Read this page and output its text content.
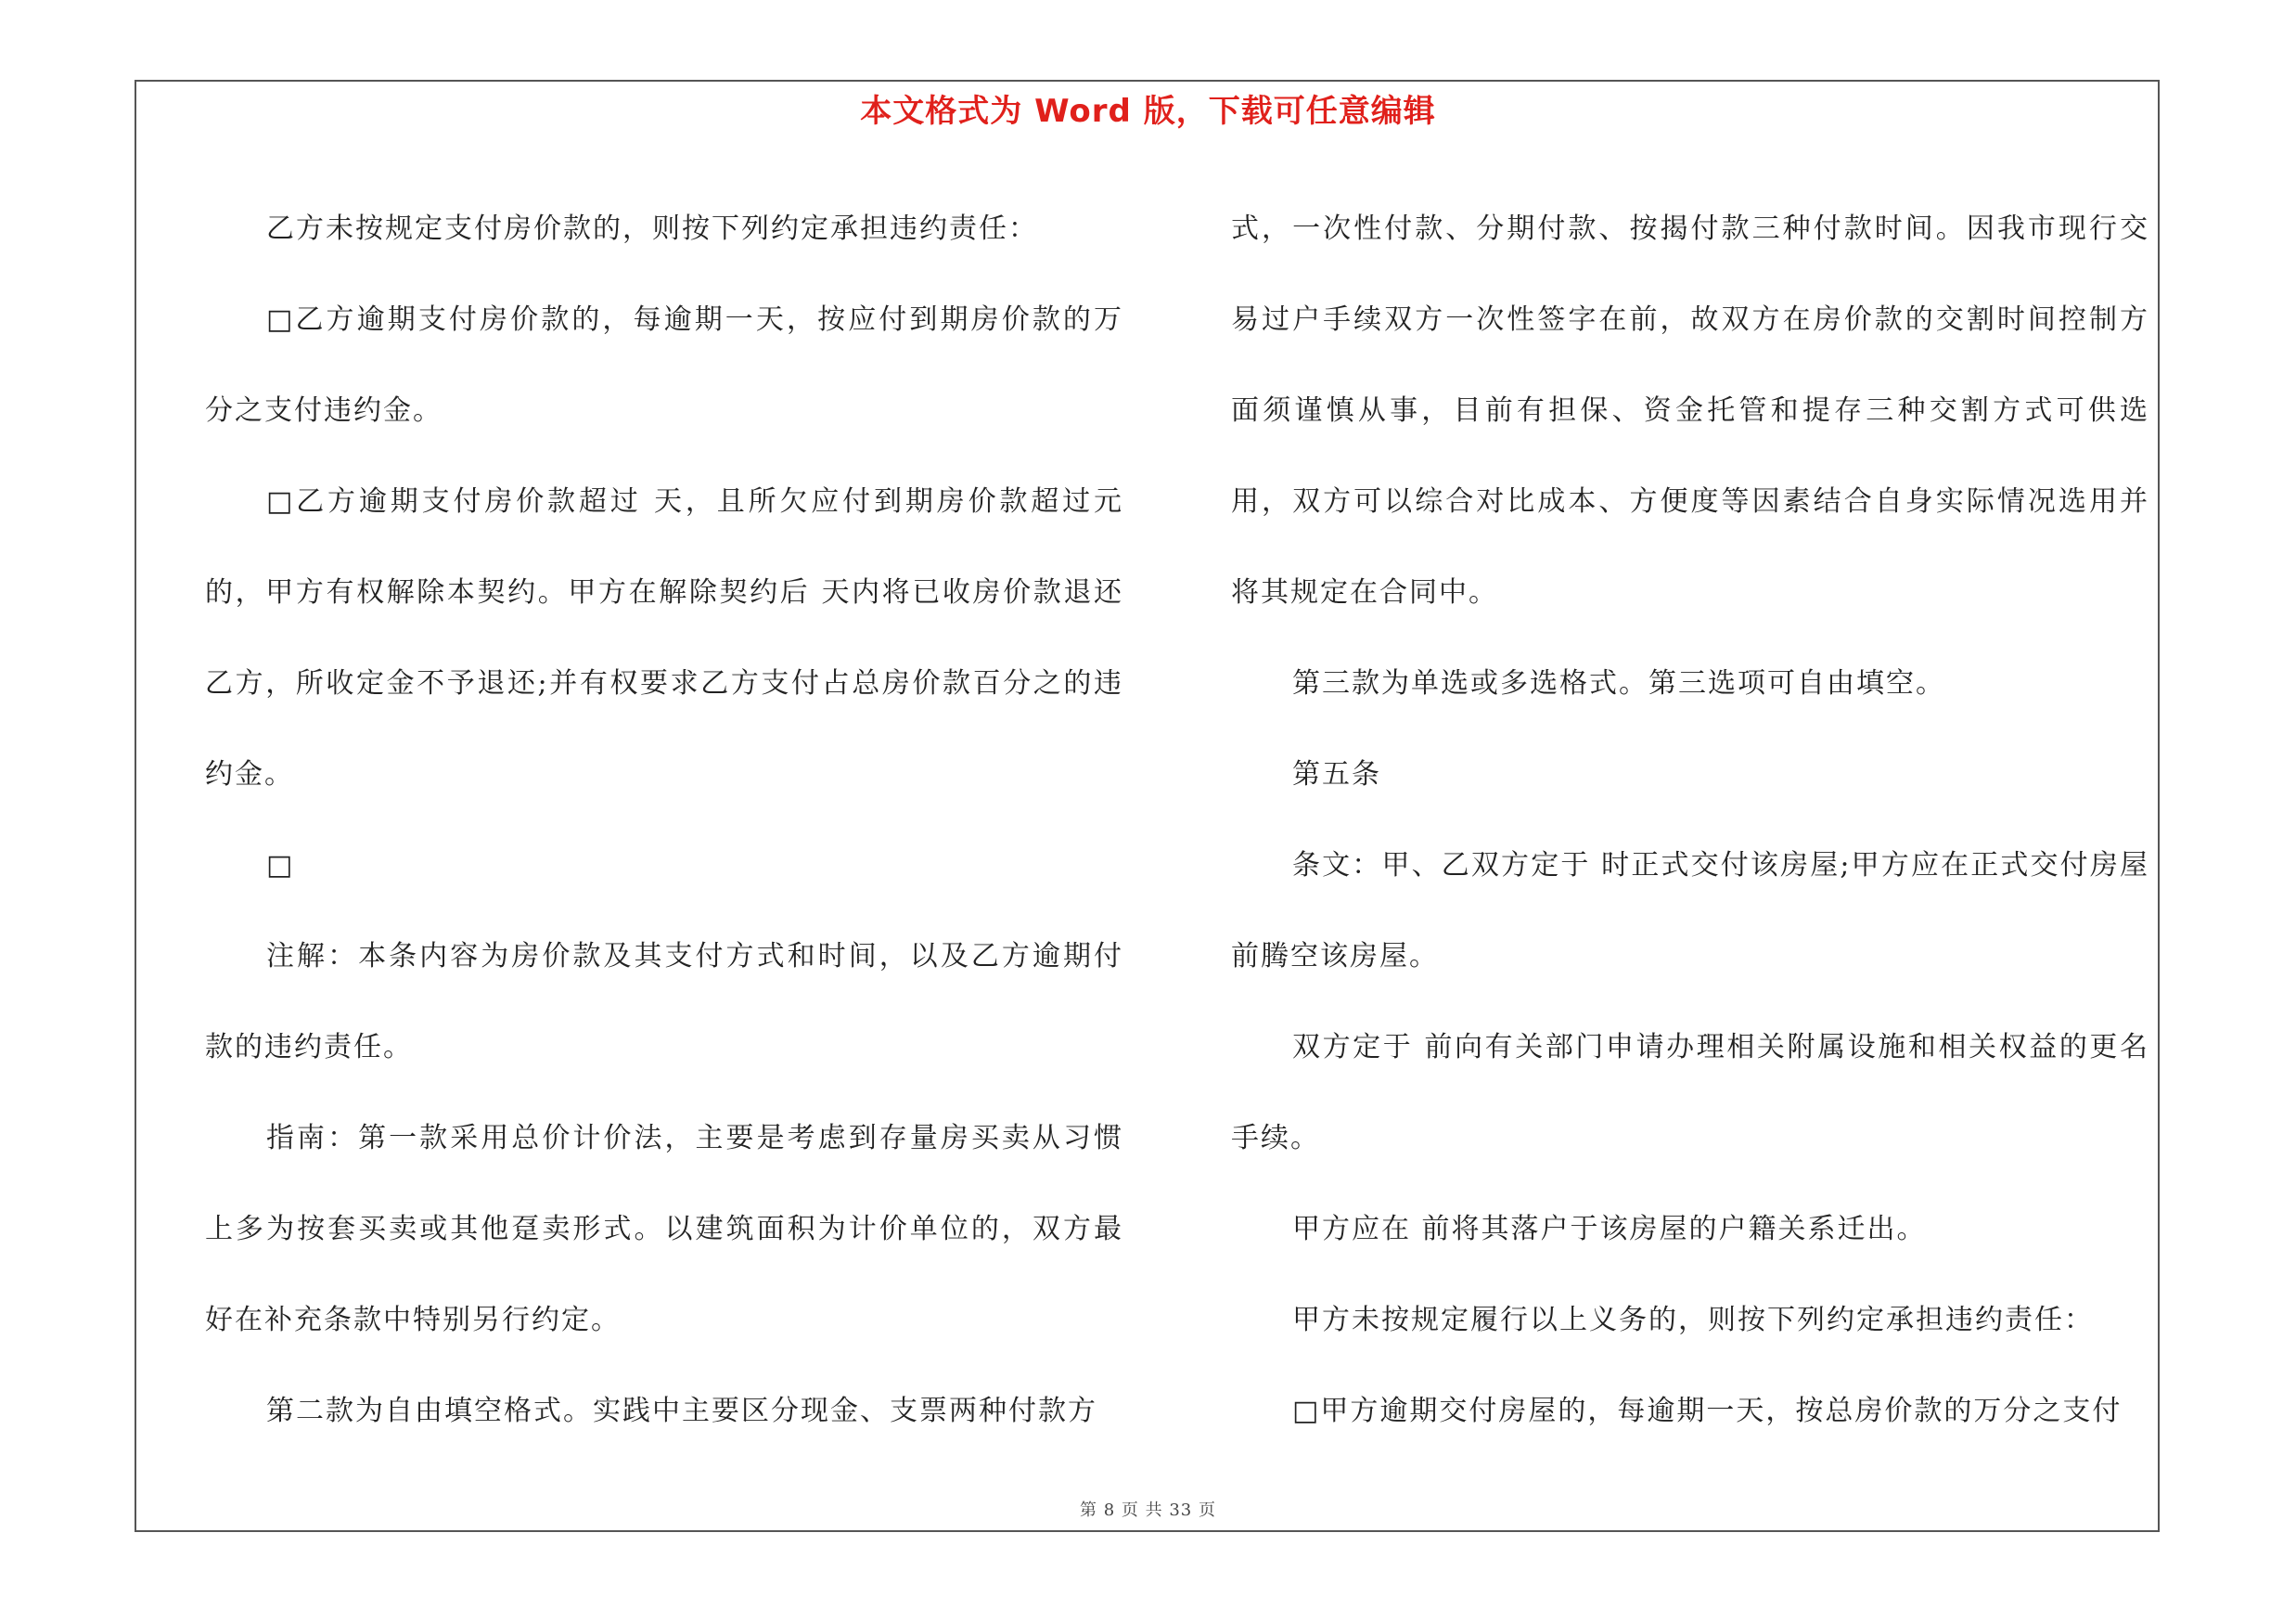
本文格式为 Word 版，下载可任意编辑

乙方未按规定支付房价款的，则按下列约定承担违约责任：

□乙方逾期支付房价款的，每逾期一天，按应付到期房价款的万分之支付违约金。

□乙方逾期支付房价款超过 天，且所欠应付到期房价款超过元的，甲方有权解除本契约。甲方在解除契约后 天内将已收房价款退还乙方，所收定金不予退还;并有权要求乙方支付占总房价款百分之的违约金。

□

注解：本条内容为房价款及其支付方式和时间，以及乙方逾期付款的违约责任。

指南：第一款采用总价计价法，主要是考虑到存量房买卖从习惯上多为按套买卖或其他趸卖形式。以建筑面积为计价单位的，双方最好在补充条款中特别另行约定。

第二款为自由填空格式。实践中主要区分现金、支票两种付款方

式，一次性付款、分期付款、按揭付款三种付款时间。因我市现行交易过户手续双方一次性签字在前，故双方在房价款的交割时间控制方面须谨慎从事，目前有担保、资金托管和提存三种交割方式可供选用，双方可以综合对比成本、方便度等因素结合自身实际情况选用并将其规定在合同中。

第三款为单选或多选格式。第三选项可自由填空。

第五条

条文：甲、乙双方定于 时正式交付该房屋;甲方应在正式交付房屋前腾空该房屋。

双方定于 前向有关部门申请办理相关附属设施和相关权益的更名手续。

甲方应在 前将其落户于该房屋的户籍关系迁出。

甲方未按规定履行以上义务的，则按下列约定承担违约责任：

□甲方逾期交付房屋的，每逾期一天，按总房价款的万分之支付

第 8 页 共 33 页
